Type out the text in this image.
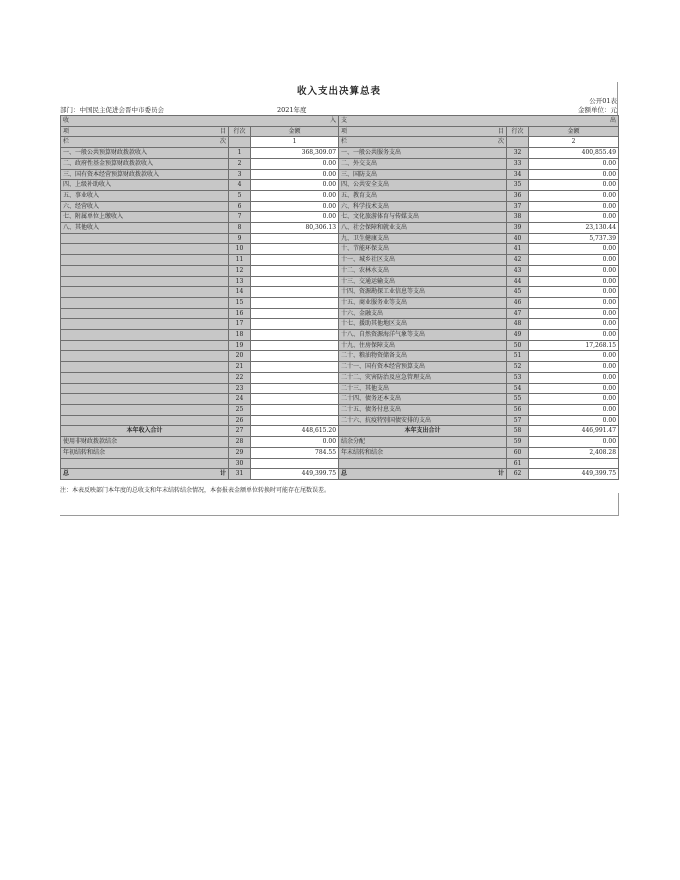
收入支出决算总表
公开01表
部门：中国民主促进会晋中市委员会	2021年度	金额单位：元
收 入			支 出		

项 目	行次	金额	项 目	行次	金额
栏 次		1	栏 次		2
一、一般公共预算财政拨款收入	1	368,309.07	一、一般公共服务支出	32	400,855.49
二、政府性基金预算财政拨款收入	2	0.00	二、外交支出	33	0.00
三、国有资本经营预算财政拨款收入	3	0.00	三、国防支出	34	0.00
四、上级补助收入	4	0.00	四、公共安全支出	35	0.00
五、事业收入	5	0.00	五、教育支出	36	0.00
六、经营收入	6	0.00	六、科学技术支出	37	0.00
七、附属单位上缴收入	7	0.00	七、文化旅游体育与传媒支出	38	0.00
八、其他收入	8	80,306.13	八、社会保障和就业支出	39	23,130.44
	9		九、卫生健康支出	40	5,737.39
	10		十、节能环保支出	41	0.00
	11		十一、城乡社区支出	42	0.00
	12		十二、农林水支出	43	0.00
	13		十三、交通运输支出	44	0.00
	14		十四、资源勘探工业信息等支出	45	0.00
	15		十五、商业服务业等支出	46	0.00
	16		十六、金融支出	47	0.00
	17		十七、援助其他地区支出	48	0.00
	18		十八、自然资源海洋气象等支出	49	0.00
	19		十九、住房保障支出	50	17,268.15
	20		二十、粮油物资储备支出	51	0.00
	21		二十一、国有资本经营预算支出	52	0.00
	22		二十二、灾害防治及应急管理支出	53	0.00
	23		二十三、其他支出	54	0.00
	24		二十四、债务还本支出	55	0.00
	25		二十五、债务付息支出	56	0.00
	26		二十六、抗疫特别国债安排的支出	57	0.00
本年收入合计	27	448,615.20	本年支出合计	58	446,991.47
使用非财政拨款结余	28	0.00	结余分配	59	0.00
年初结转和结余	29	784.55	年末结转和结余	60	2,408.28
	30			61	
总 计	31	449,399.75	总 计	62	449,399.75
注：本表反映部门本年度的总收支和年末结转结余情况，本套报表金额单位转换时可能存在尾数误差。
